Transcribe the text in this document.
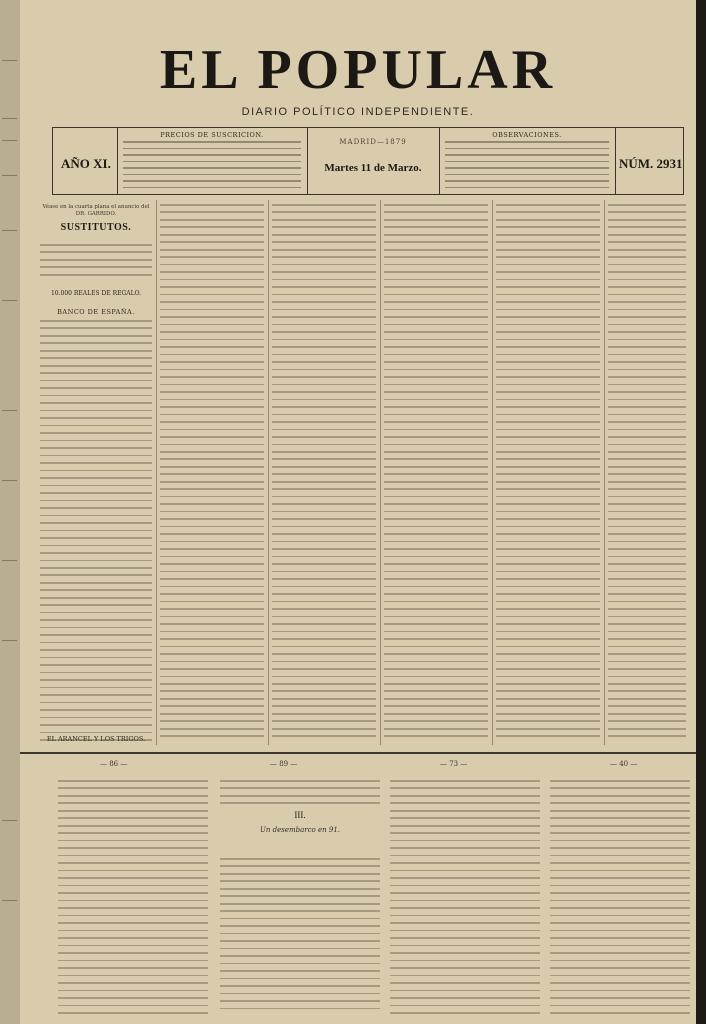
EL POPULAR
DIARIO POLÍTICO INDEPENDIENTE.
AÑO XI.
PRECIOS DE SUSCRICION.
MADRID—1879
Martes 11 de Marzo.
OBSERVACIONES.
NÚM. 2931

Véase en la cuarta plana el anuncio del DR. GARRIDO.

SUSTITUTOS.
10.000 REALES DE REGALO.
BANCO DE ESPAÑA.
EL ARANCEL Y LOS TRIGOS.
— 86 —	— 89 —	— 73 —	— 40 —
III.
Un desembarco en 91.
